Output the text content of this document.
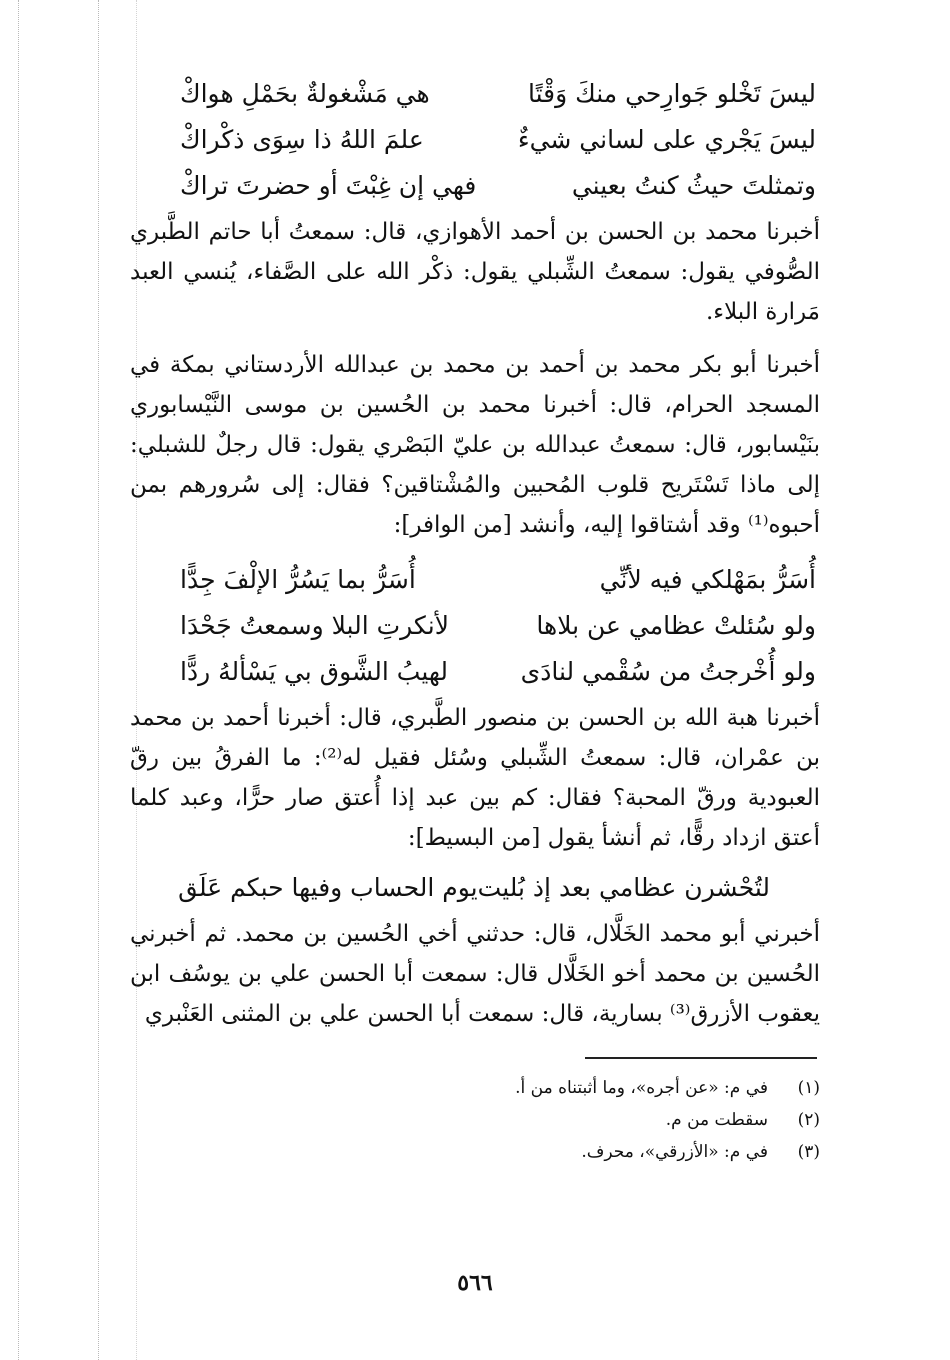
ليسَ تَخْلو جَوارِحي منكَ وَقْتًا
هي مَشْغولةٌ بحَمْلِ هواكْ
ليسَ يَجْري على لساني شيءٌ
علمَ اللهُ ذا سِوَى ذكْراكْ
وتمثلتَ حيثُ كنتُ بعيني
فهي إن غِبْتَ أو حضرتَ تراكْ
أخبرنا محمد بن الحسن بن أحمد الأهوازي، قال: سمعتُ أبا حاتم الطَّبري الصُّوفي يقول: سمعتُ الشِّبلي يقول: ذكْر الله على الصَّفاء، يُنسي العبد مَرارة البلاء.
أخبرنا أبو بكر محمد بن أحمد بن محمد بن عبدالله الأردستاني بمكة في المسجد الحرام، قال: أخبرنا محمد بن الحُسين بن موسى النَّيْسابوري بنَيْسابور، قال: سمعتُ عبدالله بن عليّ البَصْري يقول: قال رجلٌ للشبلي: إلى ماذا تَسْتَريح قلوب المُحبين والمُشْتاقين؟ فقال: إلى سُرورهم بمن أحبوه⁽¹⁾ وقد أشتاقوا إليه، وأنشد [من الوافر]:
أُسَرُّ بمَهْلكي فيه لأنِّي
أُسَرُّ بما يَسُرُّ الإلْفَ جِدًّا
ولو سُئلتْ عظامي عن بلاها
لأنكرتِ البلا وسمعتُ جَحْدَا
ولو أُخْرجتُ من سُقْمي لنادَى
لهيبُ الشَّوق بي يَسْألهُ ردًّا
أخبرنا هبة الله بن الحسن بن منصور الطَّبري، قال: أخبرنا أحمد بن محمد بن عمْران، قال: سمعتُ الشِّبلي وسُئل فقيل له⁽²⁾: ما الفرقُ بين رقّ العبودية ورقّ المحبة؟ فقال: كم بين عبد إذا أُعتق صار حرًّا، وعبد كلما أعتق ازداد رقًّا، ثم أنشأ يقول [من البسيط]:
لتُحْشرن عظامي بعد إذ بُليت
يوم الحساب وفيها حبكم عَلَق
أخبرني أبو محمد الخَلَّال، قال: حدثني أخي الحُسين بن محمد. ثم أخبرني الحُسين بن محمد أخو الخَلَّال قال: سمعت أبا الحسن علي بن يوسُف ابن يعقوب الأزرق⁽³⁾ بسارية، قال: سمعت أبا الحسن علي بن المثنى العَنْبري
(١)
في م: «عن أجره»، وما أثبتناه من أ.
(٢)
سقطت من م.
(٣)
في م: «الأزرقي»، محرف.
٥٦٦
